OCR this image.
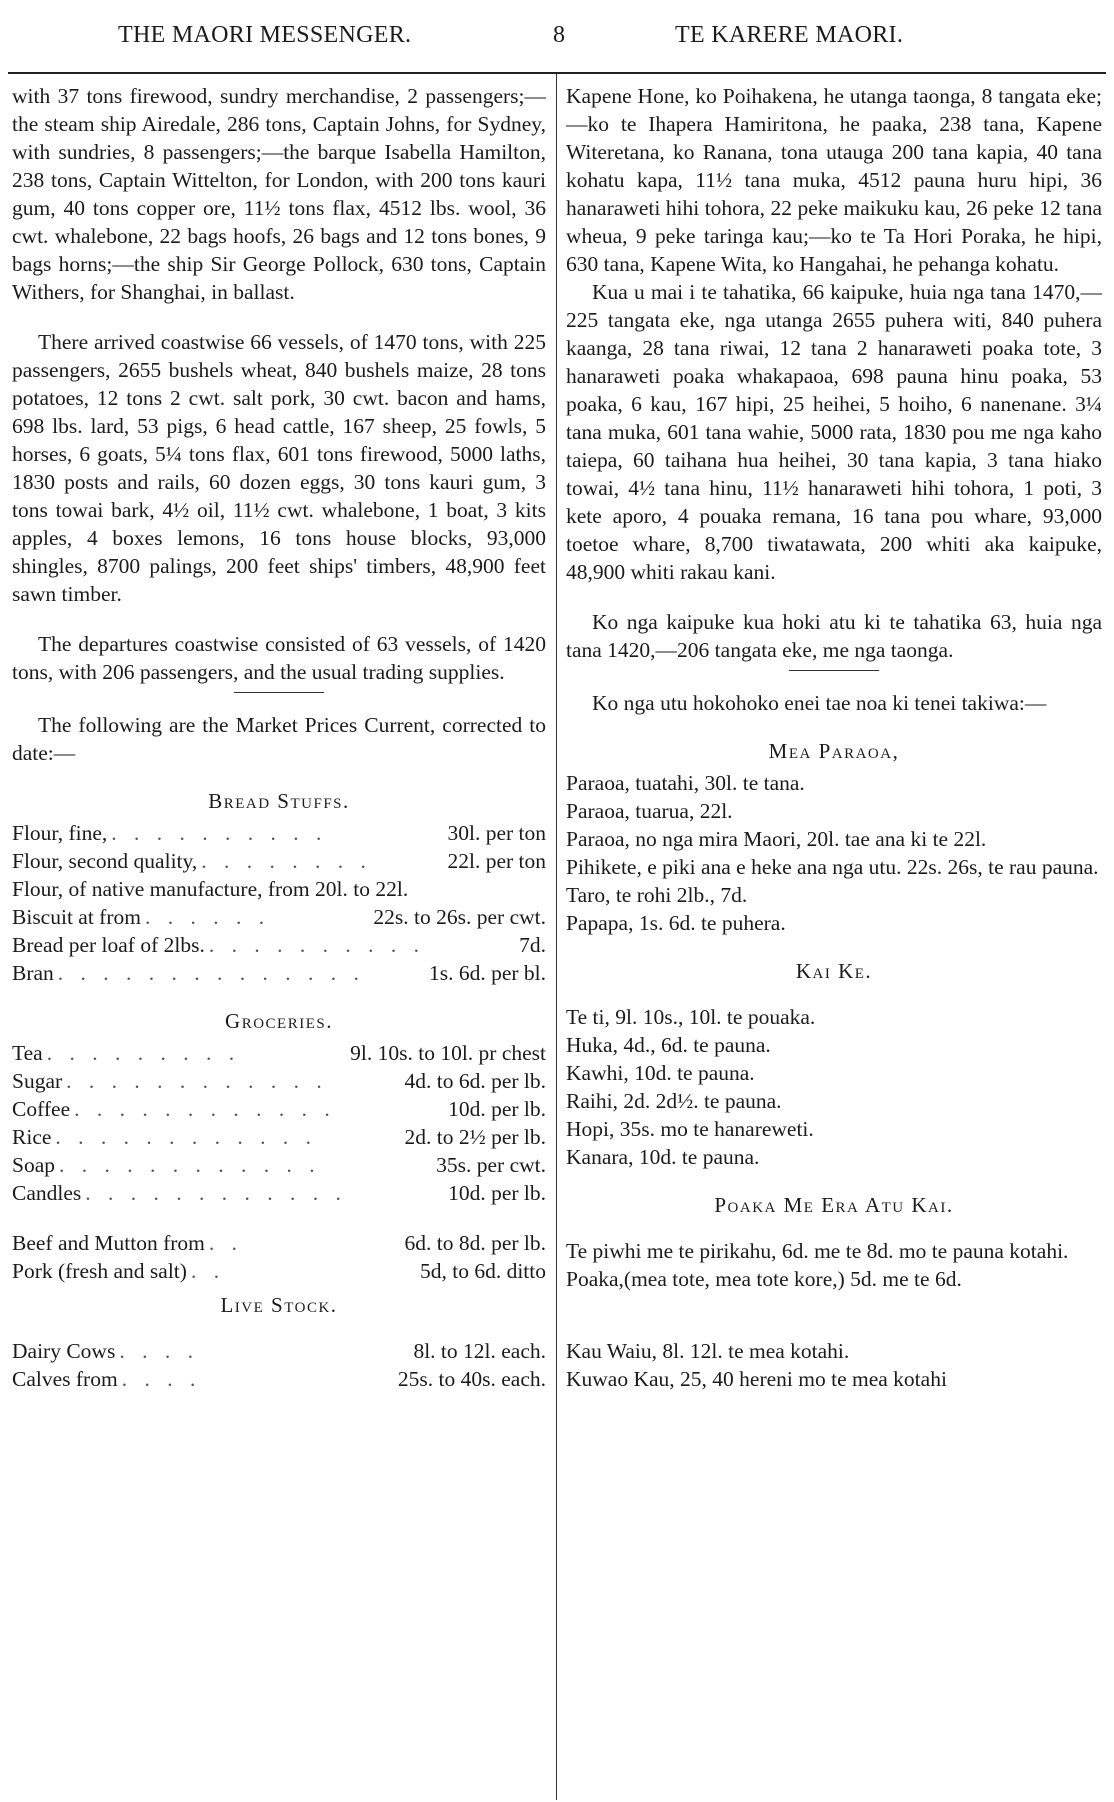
THE MAORI MESSENGER.	8	TE KARERE MAORI.

with 37 tons firewood, sundry merchandise, 2 passengers;—the steam ship Airedale, 286 tons, Captain Johns, for Sydney, with sundries, 8 passengers;—the barque Isabella Hamilton, 238 tons, Captain Wittelton, for London, with 200 tons kauri gum, 40 tons copper ore, 11½ tons flax, 4512 lbs. wool, 36 cwt. whalebone, 22 bags hoofs, 26 bags and 12 tons bones, 9 bags horns;—the ship Sir George Pollock, 630 tons, Captain Withers, for Shanghai, in ballast.

There arrived coastwise 66 vessels, of 1470 tons, with 225 passengers, 2655 bushels wheat, 840 bushels maize, 28 tons potatoes, 12 tons 2 cwt. salt pork, 30 cwt. bacon and hams, 698 lbs. lard, 53 pigs, 6 head cattle, 167 sheep, 25 fowls, 5 horses, 6 goats, 5¼ tons flax, 601 tons firewood, 5000 laths, 1830 posts and rails, 60 dozen eggs, 30 tons kauri gum, 3 tons towai bark, 4½ oil, 11½ cwt. whalebone, 1 boat, 3 kits apples, 4 boxes lemons, 16 tons house blocks, 93,000 shingles, 8700 palings, 200 feet ships' timbers, 48,900 feet sawn timber.

The departures coastwise consisted of 63 vessels, of 1420 tons, with 206 passengers, and the usual trading supplies.

The following are the Market Prices Current, corrected to date:—

Bread Stuffs.
Flour, fine, . . . . . . . . . .	30l. per ton
Flour, second quality, . . . . . . . .	22l. per ton
Flour, of native manufacture, from 20l. to 22l.
Biscuit at from . . . . . .	22s. to 26s. per cwt.
Bread per loaf of 2lbs. . . . . . . . . . .	7d.
Bran . . . . . . . . . . . . . .	1s. 6d. per bl.
Groceries.
Tea . . . . . . . . .	9l. 10s. to 10l. pr chest
Sugar . . . . . . . . . . . .	4d. to 6d. per lb.
Coffee . . . . . . . . . . . .	10d. per lb.
Rice . . . . . . . . . . . .	2d. to 2½ per lb.
Soap . . . . . . . . . . . .	35s. per cwt.
Candles . . . . . . . . . . . .	10d. per lb.
Beef and Mutton from . .	6d. to 8d. per lb.
Pork (fresh and salt) . .	5d, to 6d. ditto
Live Stock.
Dairy Cows . . . .	8l. to 12l. each.
Calves from . . . .	25s. to 40s. each.

Kapene Hone, ko Poihakena, he utanga taonga, 8 tangata eke;—ko te Ihapera Hamiritona, he paaka, 238 tana, Kapene Witeretana, ko Ranana, tona utauga 200 tana kapia, 40 tana kohatu kapa, 11½ tana muka, 4512 pauna huru hipi, 36 hanaraweti hihi tohora, 22 peke maikuku kau, 26 peke 12 tana wheua, 9 peke taringa kau;—ko te Ta Hori Poraka, he hipi, 630 tana, Kapene Wita, ko Hangahai, he pehanga kohatu.

Kua u mai i te tahatika, 66 kaipuke, huia nga tana 1470,—225 tangata eke, nga utanga 2655 puhera witi, 840 puhera kaanga, 28 tana riwai, 12 tana 2 hanaraweti poaka tote, 3 hanaraweti poaka whakapaoa, 698 pauna hinu poaka, 53 poaka, 6 kau, 167 hipi, 25 heihei, 5 hoiho, 6 nanenane. 3¼ tana muka, 601 tana wahie, 5000 rata, 1830 pou me nga kaho taiepa, 60 taihana hua heihei, 30 tana kapia, 3 tana hiako towai, 4½ tana hinu, 11½ hanaraweti hihi tohora, 1 poti, 3 kete aporo, 4 pouaka remana, 16 tana pou whare, 93,000 toetoe whare, 8,700 tiwatawata, 200 whiti aka kaipuke, 48,900 whiti rakau kani.

Ko nga kaipuke kua hoki atu ki te tahatika 63, huia nga tana 1420,—206 tangata eke, me nga taonga.

Ko nga utu hokohoko enei tae noa ki tenei takiwa:—

Mea Paraoa,

Paraoa, tuatahi, 30l. te tana.

Paraoa, tuarua, 22l.

Paraoa, no nga mira Maori, 20l. tae ana ki te 22l.

Pihikete, e piki ana e heke ana nga utu. 22s. 26s, te rau pauna.

Taro, te rohi 2lb., 7d.

Papapa, 1s. 6d. te puhera.

Kai Ke.

Te ti, 9l. 10s., 10l. te pouaka.

Huka, 4d., 6d. te pauna.

Kawhi, 10d. te pauna.

Raihi, 2d. 2d½. te pauna.

Hopi, 35s. mo te hanareweti.

Kanara, 10d. te pauna.

Poaka Me Era Atu Kai.

Te piwhi me te pirikahu, 6d. me te 8d. mo te pauna kotahi.

Poaka,(mea tote, mea tote kore,) 5d. me te 6d.

Kau Waiu, 8l. 12l. te mea kotahi.

Kuwao Kau, 25, 40 hereni mo te mea kotahi
